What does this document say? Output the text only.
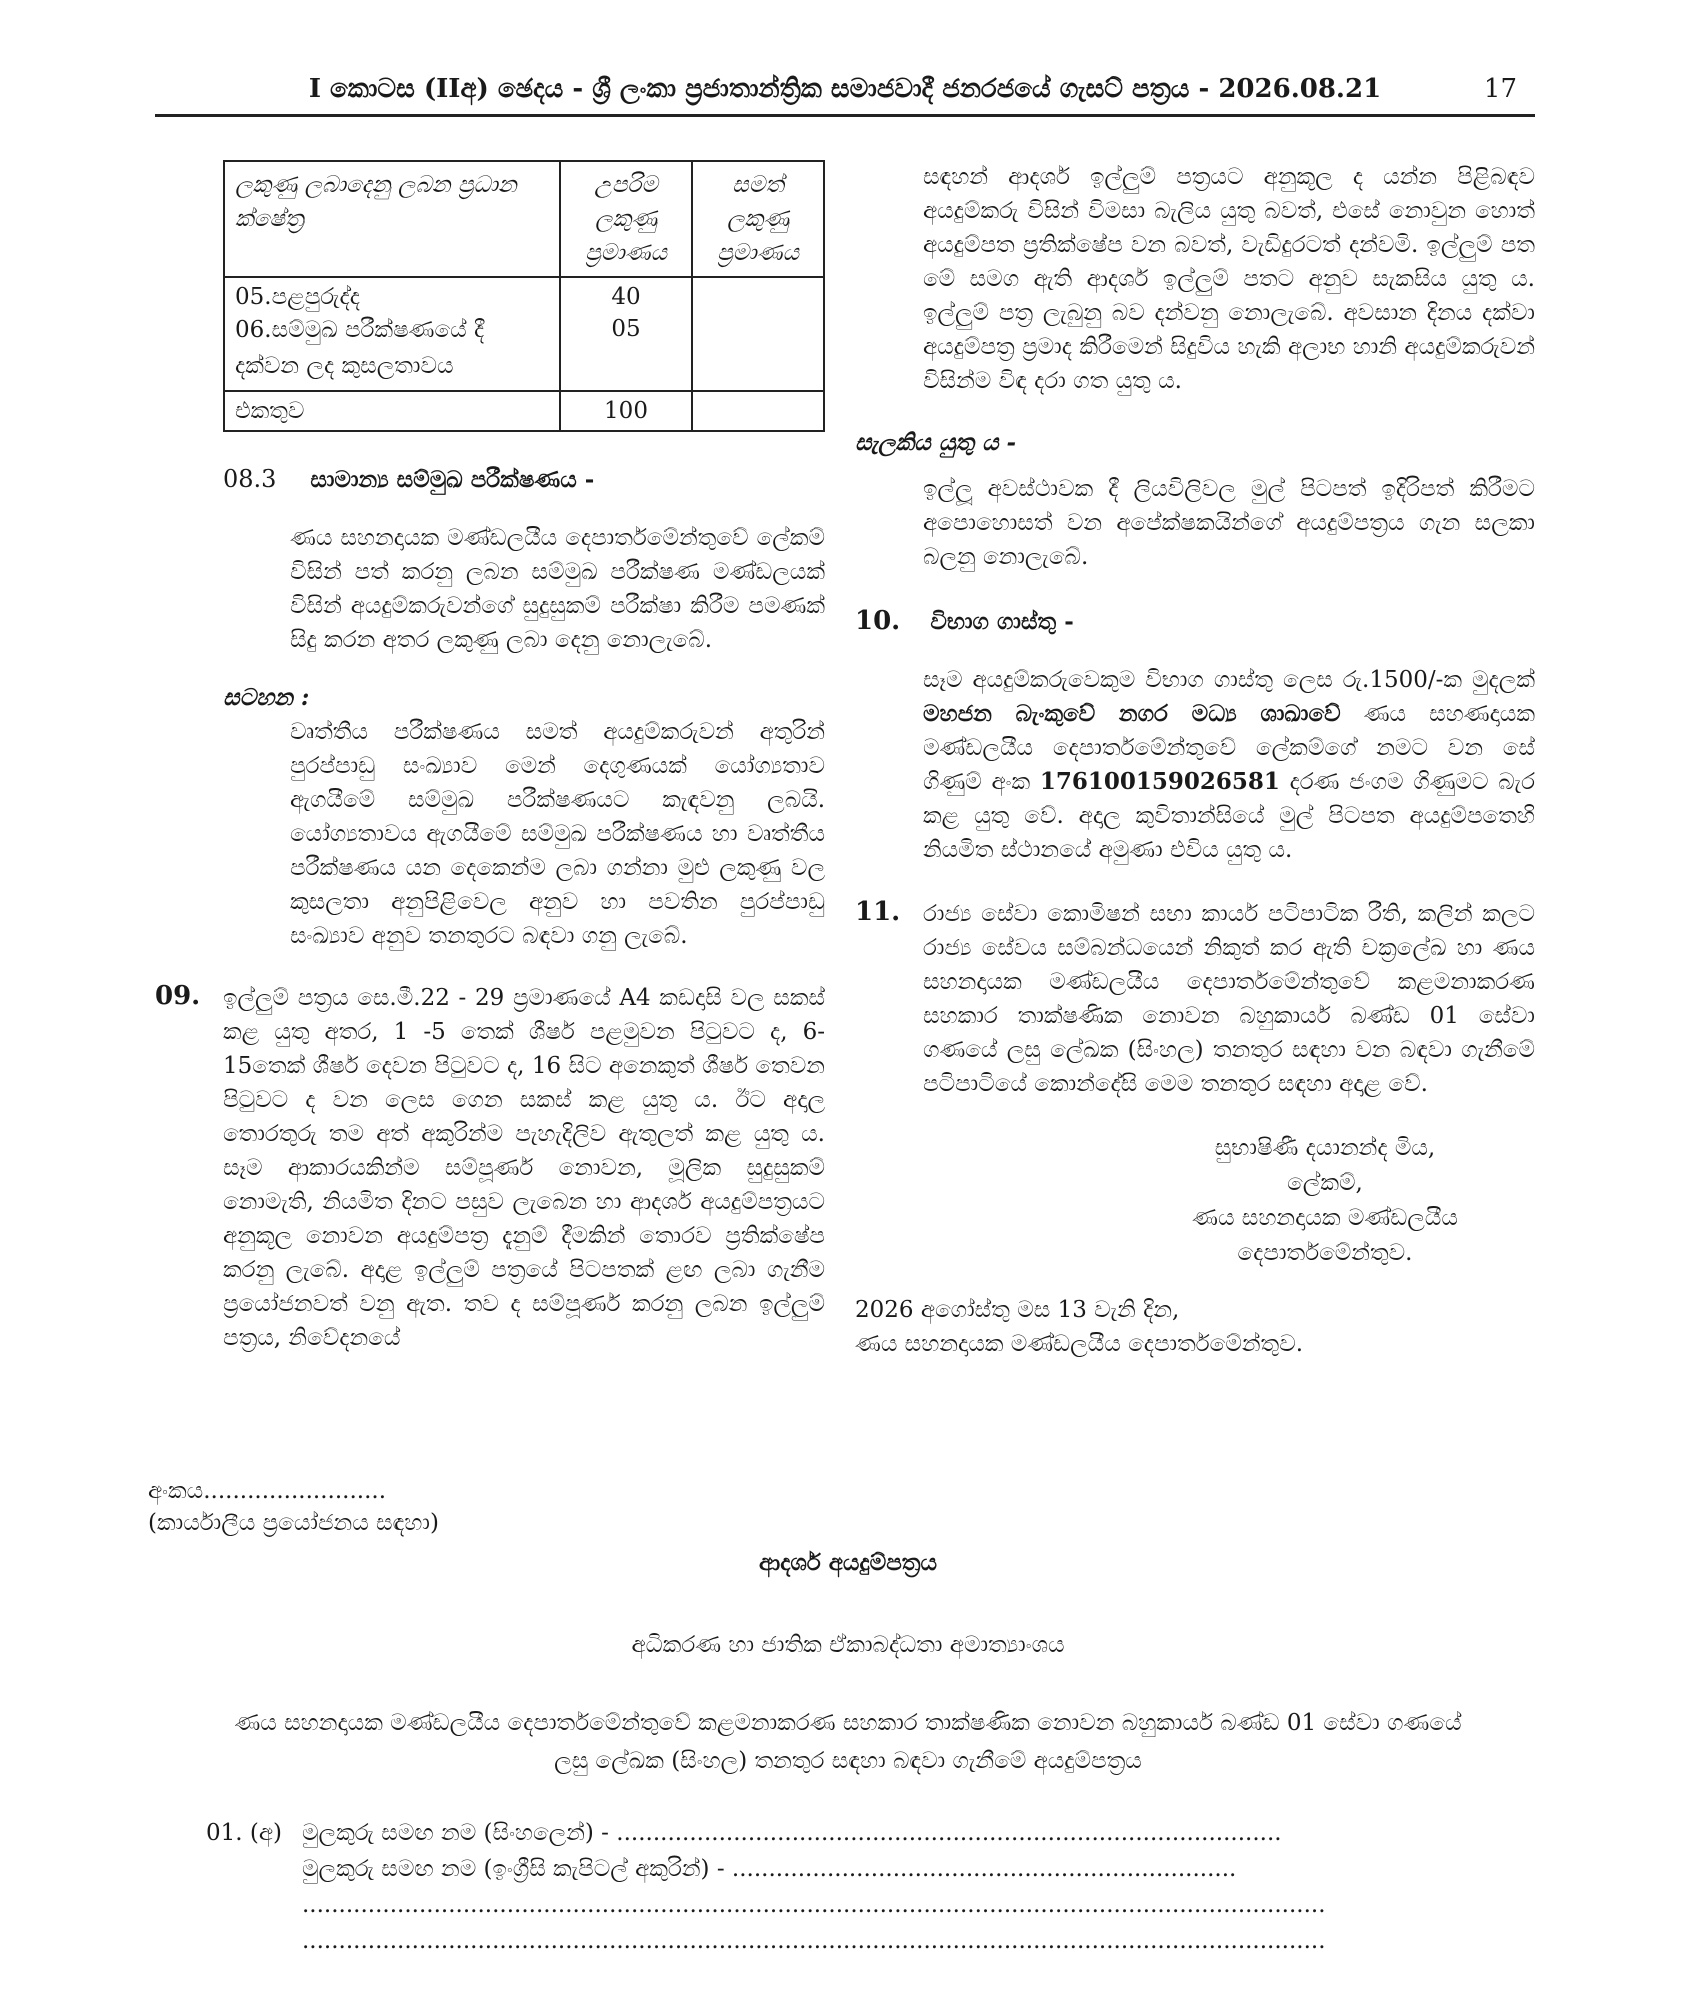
I කොටස (IIඅ) ඡෙදය - ශ්‍රී ලංකා ප්‍රජාතාන්ත්‍රික සමාජවාදී ජනරජයේ ගැසට් පත්‍රය - 2026.08.21	17
ලකුණු ලබාදෙනු ලබන ප්‍රධාන ක්ෂේත්‍ර	උපරිම ලකුණු ප්‍රමාණය	සමත් ලකුණු ප්‍රමාණය
05.පළපුරුද්ද	40	
06.සම්මුඛ පරීක්ෂණයේ දී දක්වන ලද කුසලතාවය	05	
එකතුව	100	
08.3 සාමාන්‍ය සම්මුඛ පරීක්ෂණය -
ණය සහනදායක මණ්ඩලයීය දෙපාර්තමේන්තුවේ ලේකම් විසින් පත් කරනු ලබන සම්මුඛ පරීක්ෂණ මණ්ඩලයක් විසින් අයදුම්කරුවන්ගේ සුදුසුකම් පරීක්ෂා කිරීම පමණක් සිදු කරන අතර ලකුණු ලබා දෙනු නොලැබේ.
සටහන :
වෘත්තීය පරීක්ෂණය සමත් අයදුම්කරුවන් අතුරින් පුරප්පාඩු සංඛ්‍යාව මෙන් දෙගුණයක් යෝග්‍යතාව ඇගයීමේ සම්මුඛ පරීක්ෂණයට කැඳවනු ලබයි. යෝග්‍යතාවය ඇගයීමේ සම්මුඛ පරීක්ෂණය හා වෘත්තීය පරීක්ෂණය යන දෙකෙන්ම ලබා ගන්නා මුළු ලකුණු වල කුසලතා අනුපිළිවෙල අනුව හා පවතින පුරප්පාඩු සංඛ්‍යාව අනුව තනතුරට බඳවා ගනු ලැබේ.
09. ඉල්ලුම් පත්‍රය සෙ.මී.22 - 29 ප්‍රමාණයේ A4 කඩදාසි වල සකස් කළ යුතු අතර, 1 -5 තෙක් ශීර්ෂ පළමුවන පිටුවට ද, 6- 15තෙක් ශීර්ෂ දෙවන පිටුවට ද, 16 සිට අනෙකුත් ශීර්ෂ තෙවන පිටුවට ද වන ලෙස ගෙන සකස් කළ යුතු ය. ඊට අදාල තොරතුරු තම අත් අකුරින්ම පැහැදිලිව ඇතුලත් කළ යුතු ය. සෑම ආකාරයකින්ම සම්පූර්ණ නොවන, මූලික සුදුසුකම් නොමැති, නියමිත දිනට පසුව ලැබෙන හා ආදර්ශ අයදුම්පත්‍රයට අනුකූල නොවන අයදුම්පත්‍ර දැනුම් දීමකින් තොරව ප්‍රතික්ෂේප කරනු ලැබේ. අදාළ ඉල්ලුම් පත්‍රයේ පිටපතක් ළඟ ලබා ගැනීම ප්‍රයෝජනවත් වනු ඇත. තව ද සම්පූර්ණ කරනු ලබන ඉල්ලුම් පත්‍රය, නිවේදනයේ
සඳහන් ආදර්ශ ඉල්ලුම් පත්‍රයට අනුකූල ද යන්න පිළිබඳව අයදුම්කරු විසින් විමසා බැලිය යුතු බවත්, එසේ නොවුන හොත් අයදුම්පත ප්‍රතික්ෂේප වන බවත්, වැඩිදුරටත් දන්වමි. ඉල්ලුම් පත මේ සමග ඇති ආදර්ශ ඉල්ලුම් පතට අනුව සැකසිය යුතු ය. ඉල්ලුම් පත්‍ර ලැබුනු බව දන්වනු නොලැබේ. අවසාන දිනය දක්වා අයදුම්පත්‍ර ප්‍රමාද කිරීමෙන් සිදුවිය හැකි අලාභ හානි අයදුම්කරුවන් විසින්ම විඳ දරා ගත යුතු ය.
සැලකිය යුතු ය -
ඉල්ලූ අවස්ථාවක දී ලියවිලිවල මුල් පිටපත් ඉදිරිපත් කිරීමට අපොහොසත් වන අපේක්ෂකයින්ගේ අයදුම්පත්‍රය ගැන සලකා බලනු නොලැබේ.
10. විභාග ගාස්තු -
සෑම අයදුම්කරුවෙකුම විභාග ගාස්තු ලෙස රු.1500/-ක මුදලක් මහජන බැංකුවේ නගර මධ්‍ය ශාඛාවේ ණය සහණදායක මණ්ඩලයීය දෙපාර්තමේන්තුවේ ලේකම්ගේ නමට වන සේ ගිණුම් අංක 176100159026581 දරණ ජංගම ගිණුමට බැර කළ යුතු වේ. අදාල කුවිතාන්සියේ මුල් පිටපත අයදුම්පතෙහි නියමිත ස්ථානයේ අමුණා එවිය යුතු ය.
11. රාජ්‍ය සේවා කොමිෂන් සභා කාර්ය පටිපාටික රීති, කලින් කලට රාජ්‍ය සේවය සම්බන්ධයෙන් නිකුත් කර ඇති චක්‍රලේඛ හා ණය සහනදායක මණ්ඩලයීය දෙපාර්තමේන්තුවේ කළමනාකරණ සහකාර තාක්ෂණික නොවන බහුකාර්ය බණ්ඩ 01 සේවා ගණයේ ලසු ලේඛක (සිංහල) තනතුර සඳහා වන බඳවා ගැනීමේ පටිපාටියේ කොන්දේසි මෙම තනතුර සඳහා අදාළ වේ.
සුභාෂිණී දයානන්ද මිය,
ලේකම්,
ණය සහනදායක මණ්ඩලයීය
දෙපාර්තමේන්තුව.
2026 අගෝස්තු මස 13 වැනි දින,
ණය සහනදායක මණ්ඩලයීය දෙපාර්තමේන්තුව.
අංකය.........................
(කාර්යාලීය ප්‍රයෝජනය සඳහා)
ආදර්ශ අයදුම්පත්‍රය
අධිකරණ හා ජාතික ඒකාබද්ධතා අමාත්‍යාංශය
ණය සහනදායක මණ්ඩලයීය දෙපාර්තමේන්තුවේ කළමනාකරණ සහකාර තාක්ෂණික නොවන බහුකාර්ය බණ්ඩ 01 සේවා ගණයේ
ලසු ලේඛක (සිංහල) තනතුර සඳහා බඳවා ගැනීමේ අයදුම්පත්‍රය
01. (අ) මුලකුරු සමඟ නම (සිංහලෙන්) - ...........................................................................................
මුලකුරු සමඟ නම (ඉංග්‍රීසි කැපිටල් අකුරින්) - .....................................................................
............................................................................................................................................
............................................................................................................................................
